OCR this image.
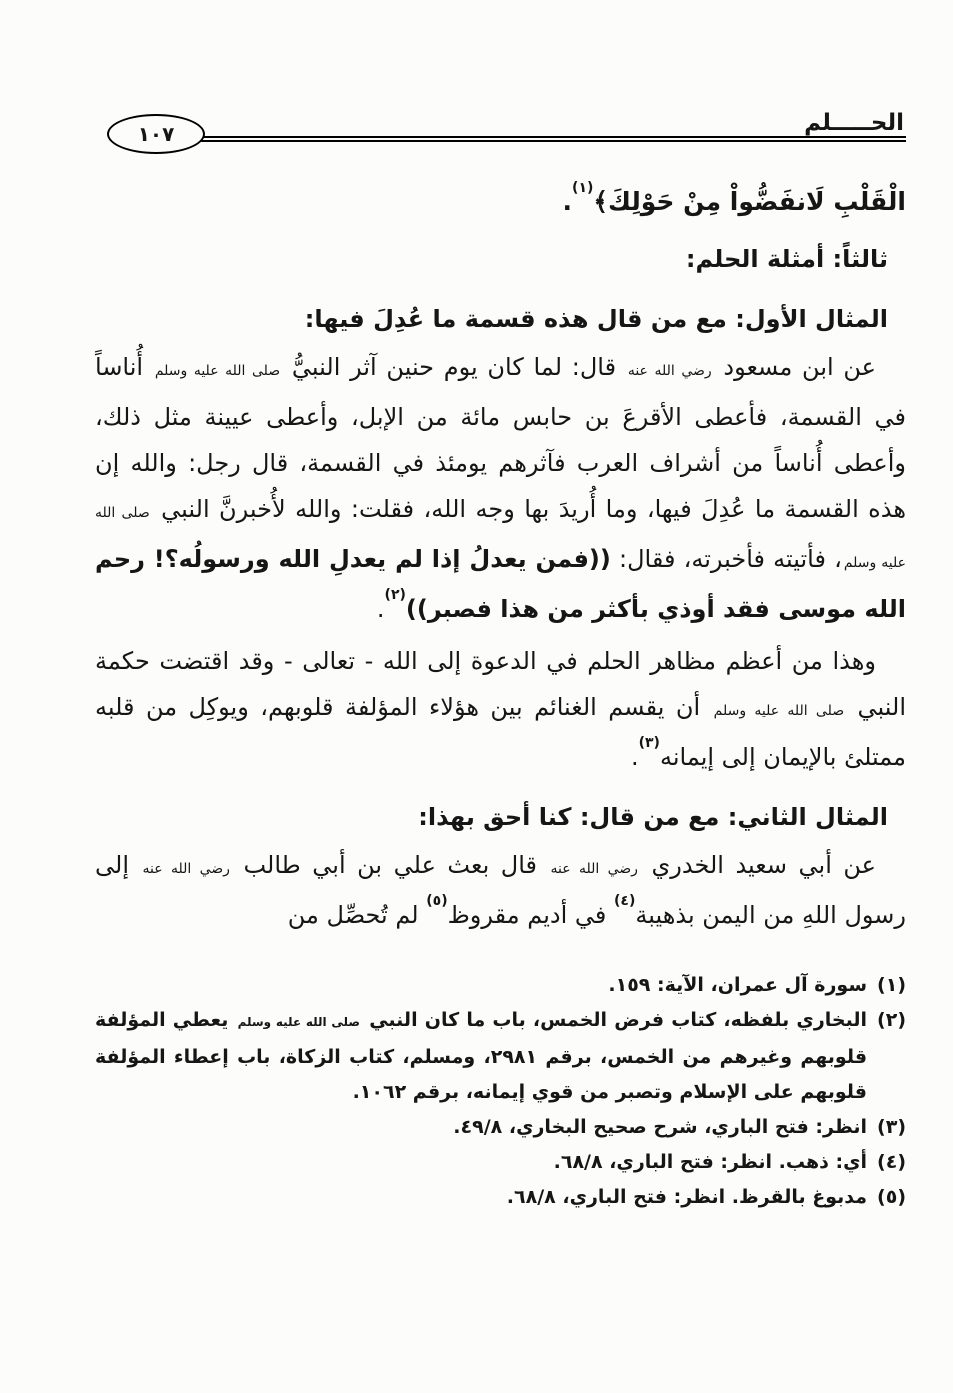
الحـــــلم
١٠٧

الْقَلْبِ لَانفَضُّواْ مِنْ حَوْلِكَ﴾$^{(١)}$.

ثالثاً: أمثلة الحلم:
المثال الأول: مع من قال هذه قسمة ما عُدِلَ فيها:

عن ابن مسعود رضي الله عنه قال: لما كان يوم حنين آثر النبيُّ صلى الله عليه وسلم أُناساً في القسمة، فأعطى الأقرعَ بن حابس مائة من الإبل، وأعطى عيينة مثل ذلك، وأعطى أُناساً من أشراف العرب فآثرهم يومئذ في القسمة، قال رجل: والله إن هذه القسمة ما عُدِلَ فيها، وما أُريدَ بها وجه الله، فقلت: والله لأُخبرنَّ النبي صلى الله عليه وسلم، فأتيته فأخبرته، فقال: ((فمن يعدلُ إذا لم يعدلِ الله ورسولُه؟! رحم الله موسى فقد أوذي بأكثر من هذا فصبر))$^{(٢)}$.

وهذا من أعظم مظاهر الحلم في الدعوة إلى الله - تعالى - وقد اقتضت حكمة النبي صلى الله عليه وسلم أن يقسم الغنائم بين هؤلاء المؤلفة قلوبهم، ويوكِل من قلبه ممتلئ بالإيمان إلى إيمانه$^{(٣)}$.

المثال الثاني: مع من قال: كنا أحق بهذا:

عن أبي سعيد الخدري رضي الله عنه قال بعث علي بن أبي طالب رضي الله عنه إلى رسول اللهِ من اليمن بذهيبة$^{(٤)}$ في أديم مقروظ$^{(٥)}$ لم تُحصِّل من

(١)
سورة آل عمران، الآية: ١٥٩.
(٢)
البخاري بلفظه، كتاب فرض الخمس، باب ما كان النبي صلى الله عليه وسلم يعطي المؤلفة قلوبهم وغيرهم من الخمس، برقم ٢٩٨١، ومسلم، كتاب الزكاة، باب إعطاء المؤلفة قلوبهم على الإسلام وتصبر من قوي إيمانه، برقم ١٠٦٢.
(٣)
انظر: فتح الباري، شرح صحيح البخاري، ٤٩/٨.
(٤)
أي: ذهب. انظر: فتح الباري، ٦٨/٨.
(٥)
مدبوغ بالقرظ. انظر: فتح الباري، ٦٨/٨.
